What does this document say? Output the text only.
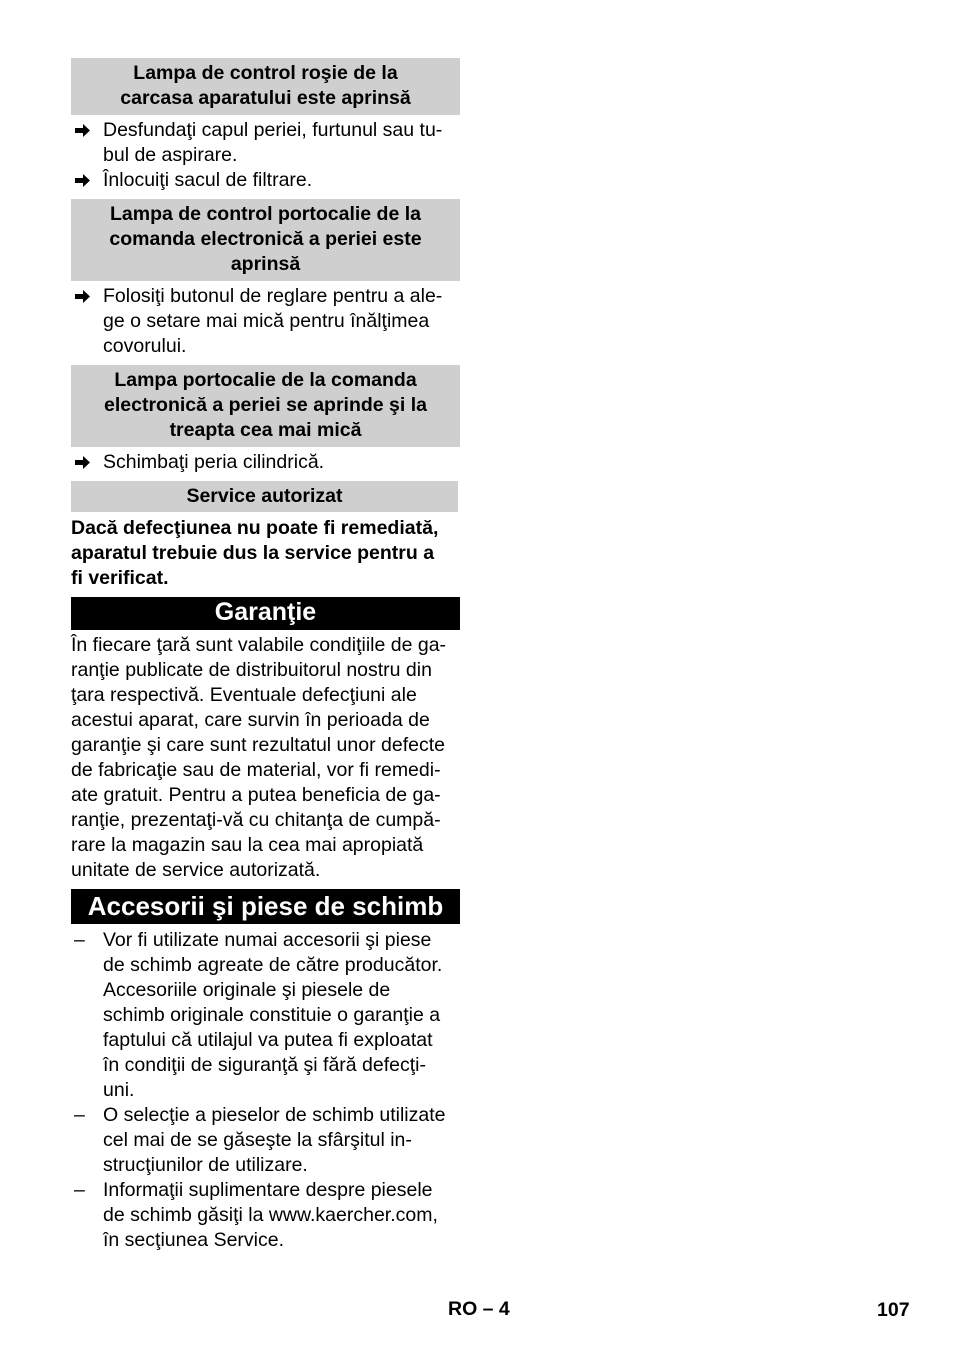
Lampa de control roşie de la
carcasa aparatului este aprinsă
Desfundaţi capul periei, furtunul sau tu-
bul de aspirare.
Înlocuiţi sacul de filtrare.
Lampa de control portocalie de la
comanda electronică a periei este
aprinsă
Folosiţi butonul de reglare pentru a ale-
ge o setare mai mică pentru înălţimea
covorului.
Lampa portocalie de la comanda
electronică a periei se aprinde şi la
treapta cea mai mică
Schimbaţi peria cilindrică.
Service autorizat
Dacă defecţiunea nu poate fi remediată,
aparatul trebuie dus la service pentru a
fi verificat.
Garanţie
În fiecare ţară sunt valabile condiţiile de ga-
ranţie publicate de distribuitorul nostru din
ţara respectivă. Eventuale defecţiuni ale
acestui aparat, care survin în perioada de
garanţie şi care sunt rezultatul unor defecte
de fabricaţie sau de material, vor fi remedi-
ate gratuit. Pentru a putea beneficia de ga-
ranţie, prezentaţi-vă cu chitanţa de cumpă-
rare la magazin sau la cea mai apropiată
unitate de service autorizată.
Accesorii şi piese de schimb
– Vor fi utilizate numai accesorii şi piese
de schimb agreate de către producător.
Accesoriile originale şi piesele de
schimb originale constituie o garanţie a
faptului că utilajul va putea fi exploatat
în condiţii de siguranţă şi fără defecţi-
uni.
– O selecţie a pieselor de schimb utilizate
cel mai de se găseşte la sfârşitul in-
strucţiunilor de utilizare.
– Informaţii suplimentare despre piesele
de schimb găsiţi la www.kaercher.com,
în secţiunea Service.
RO – 4	107
